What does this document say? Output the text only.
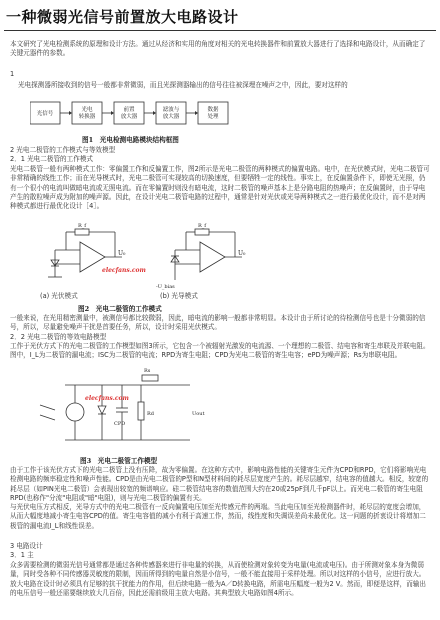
一种微弱光信号前置放大电路设计
本文研究了光电检测系统的原理和设计方法。通过从经济和实用的角度对相关的光电转换器件和前置放大器进行了选择和电路设计，从而确定了关键元器件的参数。
1
光电探测器所接收到的信号一般都非常微弱，而且光探测器输出的信号往往被深埋在噪声之中，因此，要对这样的
光信号
光电
转换器
前置
放大器
滤波与
放大器
数据
处理
图1　光电检测电路模块结构框图
2 光电二极管的工作模式与等效模型
2．1 光电二极管的工作模式
光电二极管一般有两种模式工作：零偏置工作和反偏置工作，图2所示是光电二极管的两种模式的偏置电路。电中，在光伏模式时，光电二极管可非常精确的线性工作；而在光导模式时，光电二极管可实现较高的切换速度，但要牺牲一定的线性。事实上，在反偏置条件下，即使无光照，仍有一个很小的电流叫做暗电流或无照电流。而在零偏置时则没有暗电流，这时二极管的噪声基本上是分路电阻的热噪声；在反偏置时，由于导电产生的散粒噪声成为附加的噪声源。因此，在设计光电二极管电路的过程中，通常是针对光伏或光导两种模式之一进行最优化设计，而不是对两种模式都进行最优化设计［4］。
U₀
R_f
U₀
R_f
-U_bias
elecfans.com
(a) 光伏模式	(b) 光导模式
图2　光电二极管的工作模式
一般来说，在光用精密测量中，被测信号都比较微弱，因此，暗电流的影响一般都非常明显。本设计由于所讨论的待检测信号也是十分微弱的信号，所以，尽量避免噪声干扰是首要任务，所以，设计时采用光伏模式。
2．2 光电二极管的等效电路模型
工作于光伏方式下的光电二极管的工作模型如图3所示，它包含一个被辐射光激发的电流源、一个理想的二极管、结电容和寄生串联及并联电阻。图中，I_L为二极管的漏电流；ISC为二极管的电流；RPD为寄生电阻；CPD为光电二极管的寄生电容；ePD为噪声源；Rs为串联电阻。
Rs
Rd	Uout
CPD
elecfans.com
图3　光电二极管工作模型
由于工作于该光伏方式下的光电二极管上没有压降，故为零偏置。在这种方式中，影响电路性能的关键寄生元件为CPD和RPD，它们将影响光电检测电路的频率稳定性和噪声性能。CPD是由光电二极管的P型和N型材料间的耗尽层宽度产生的。耗尽层越窄，结电容的值越大。相反，较宽的耗尽层（如PIN光电二极管）会表现出较宽的频谱响应。硅二极管结电容的数值范围大约在20或25pF到几千pF以上。而光电二极管的寄生电阻RPD(也称作"分流"电阻或"暗"电阻)，则与光电二极管的偏置有关。
与光伏电压方式相反，光导方式中的光电二极管有一反向偏置电压加至光传感元件的两端。当此电压加至光检测器件时，耗尽层的宽度会增加，从而大幅度地减小寄生电容CPD的值。寄生电容值的减小有利于高速工作，然而，线性度和失调误差尚未最优化。这一问题的折衷设计将增加二极管的漏电流I_L和线性误差。
3 电路设计
3．1 主
众多需要检测的微弱光信号通常都是通过各种传感器来进行非电量的转换，从而使检测对象转变为电量(电流或电压)。由于所测对象本身为微弱量，同时受各种不同传感器灵敏度的限制，因而所得到的电量自然是小信号，一般不能直接用于采样处理。所以对这样的小信号，应进行放大。放大电路在设计时必须具有足够的抗干扰能力的作用，但后续电路一般为A／D转换电路，所需电压幅度一般为2 V。然而，即便是这样，而输出的电压信号一般还需要继续放大几百倍，因此还需前级用主放大电路。其典型放大电路如图4所示。
